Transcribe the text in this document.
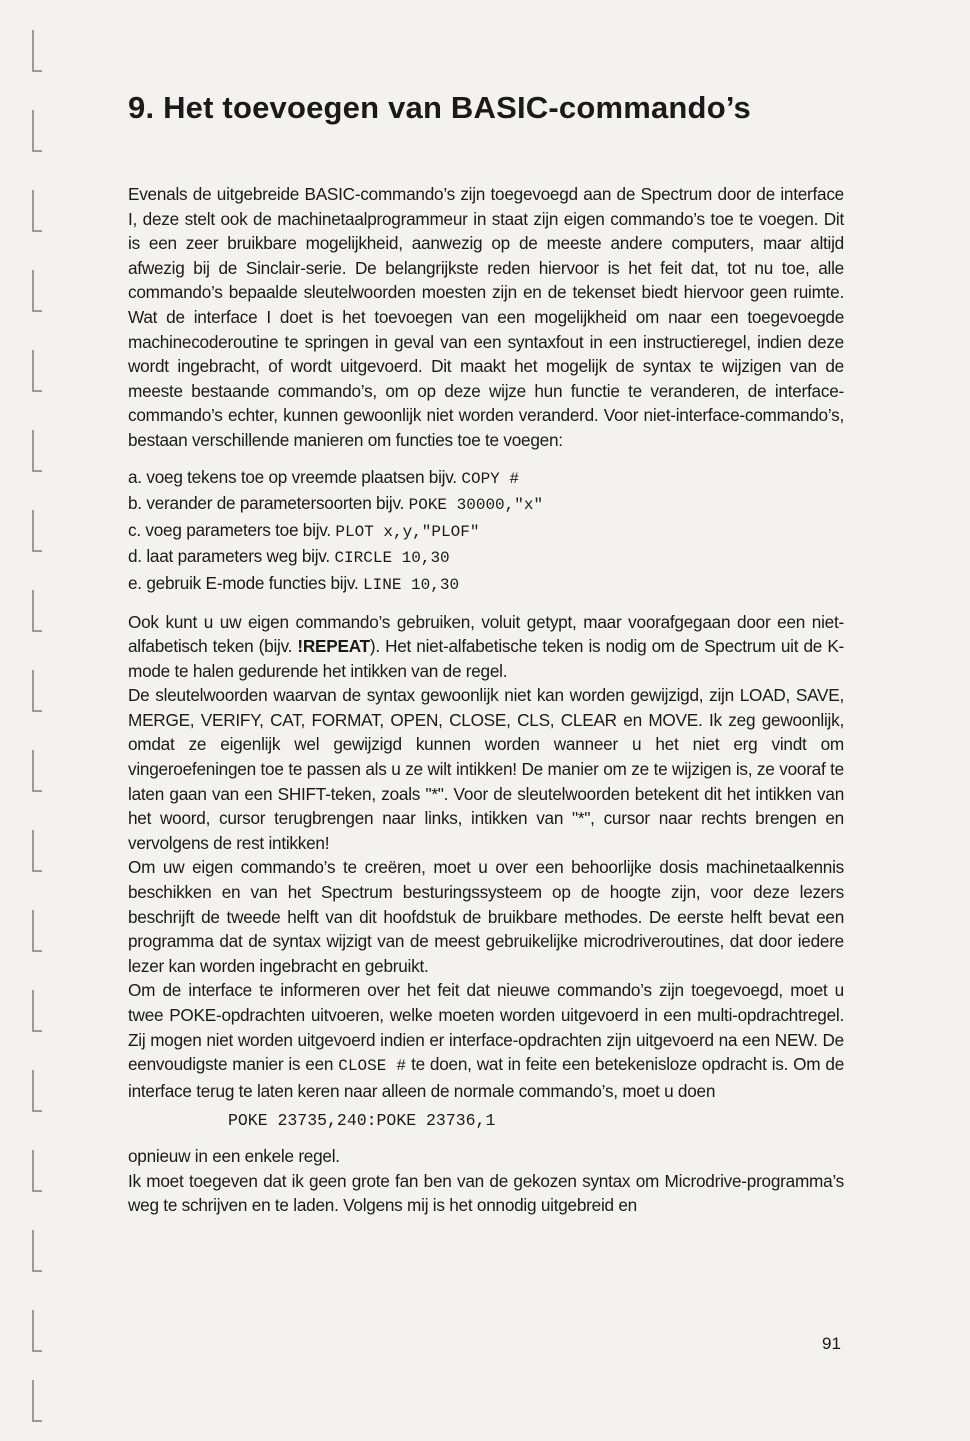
9. Het toevoegen van BASIC-commando’s

Evenals de uitgebreide BASIC-commando’s zijn toegevoegd aan de Spectrum door de interface I, deze stelt ook de machinetaalprogrammeur in staat zijn eigen commando’s toe te voegen. Dit is een zeer bruikbare mogelijkheid, aanwezig op de meeste andere computers, maar altijd afwezig bij de Sinclair-serie. De belangrijkste reden hiervoor is het feit dat, tot nu toe, alle commando’s bepaalde sleutelwoorden moesten zijn en de tekenset biedt hiervoor geen ruimte. Wat de interface I doet is het toevoegen van een mogelijkheid om naar een toegevoegde machinecoderoutine te springen in geval van een syntaxfout in een instructieregel, indien deze wordt ingebracht, of wordt uitgevoerd. Dit maakt het mogelijk de syntax te wijzigen van de meeste bestaande commando’s, om op deze wijze hun functie te veranderen, de interface-commando’s echter, kunnen gewoonlijk niet worden veranderd. Voor niet-interface-commando’s, bestaan verschillende manieren om functies toe te voegen:

a. voeg tekens toe op vreemde plaatsen bijv. COPY #
b. verander de parametersoorten bijv. POKE 30000,"x"
c. voeg parameters toe bijv. PLOT x,y,"PLOF"
d. laat parameters weg bijv. CIRCLE 10,30
e. gebruik E-mode functies bijv. LINE 10,30

Ook kunt u uw eigen commando’s gebruiken, voluit getypt, maar voorafgegaan door een niet-alfabetisch teken (bijv. !REPEAT). Het niet-alfabetische teken is nodig om de Spectrum uit de K-mode te halen gedurende het intikken van de regel.

De sleutelwoorden waarvan de syntax gewoonlijk niet kan worden gewijzigd, zijn LOAD, SAVE, MERGE, VERIFY, CAT, FORMAT, OPEN, CLOSE, CLS, CLEAR en MOVE. Ik zeg gewoonlijk, omdat ze eigenlijk wel gewijzigd kunnen worden wanneer u het niet erg vindt om vingeroefeningen toe te passen als u ze wilt intikken! De manier om ze te wijzigen is, ze vooraf te laten gaan van een SHIFT-teken, zoals "*". Voor de sleutelwoorden betekent dit het intikken van het woord, cursor terugbrengen naar links, intikken van "*", cursor naar rechts brengen en vervolgens de rest intikken!

Om uw eigen commando’s te creëren, moet u over een behoorlijke dosis machinetaalkennis beschikken en van het Spectrum besturingssysteem op de hoogte zijn, voor deze lezers beschrijft de tweede helft van dit hoofdstuk de bruikbare methodes. De eerste helft bevat een programma dat de syntax wijzigt van de meest gebruikelijke microdriveroutines, dat door iedere lezer kan worden ingebracht en gebruikt.

Om de interface te informeren over het feit dat nieuwe commando’s zijn toegevoegd, moet u twee POKE-opdrachten uitvoeren, welke moeten worden uitgevoerd in een multi-opdrachtregel. Zij mogen niet worden uitgevoerd indien er interface-opdrachten zijn uitgevoerd na een NEW. De eenvoudigste manier is een CLOSE # te doen, wat in feite een betekenisloze opdracht is. Om de interface terug te laten keren naar alleen de normale commando’s, moet u doen

POKE 23735,240:POKE 23736,1

opnieuw in een enkele regel.

Ik moet toegeven dat ik geen grote fan ben van de gekozen syntax om Microdrive-programma’s weg te schrijven en te laden. Volgens mij is het onnodig uitgebreid en

91
